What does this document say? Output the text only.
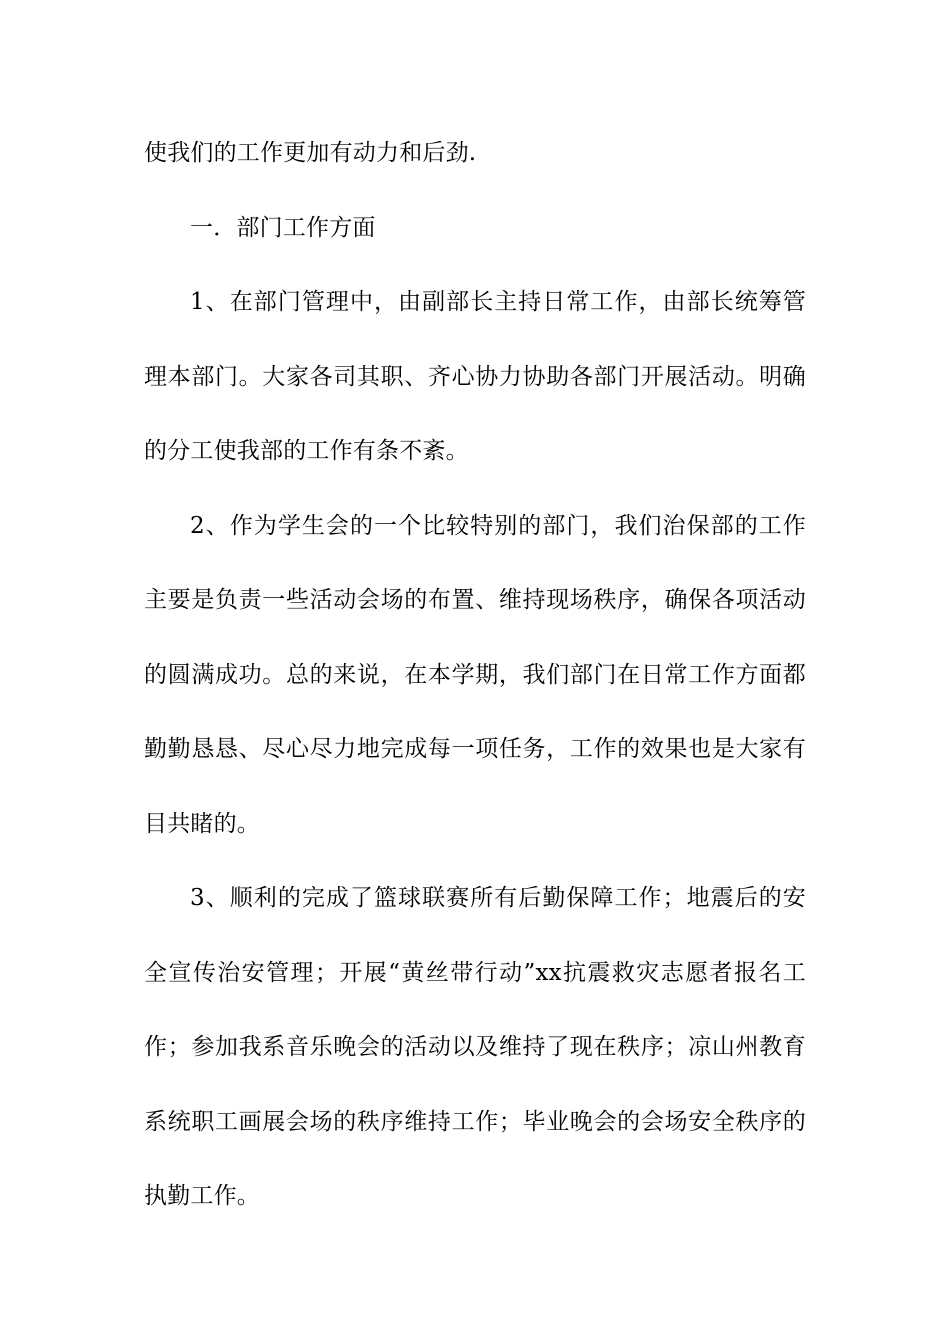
使我们的工作更加有动力和后劲.

一．部门工作方面

1、在部门管理中，由副部长主持日常工作，由部长统筹管理本部门。大家各司其职、齐心协力协助各部门开展活动。明确的分工使我部的工作有条不紊。

2、作为学生会的一个比较特别的部门，我们治保部的工作主要是负责一些活动会场的布置、维持现场秩序，确保各项活动的圆满成功。总的来说，在本学期，我们部门在日常工作方面都勤勤恳恳、尽心尽力地完成每一项任务，工作的效果也是大家有目共睹的。

3、顺利的完成了篮球联赛所有后勤保障工作；地震后的安全宣传治安管理；开展“黄丝带行动”xx抗震救灾志愿者报名工作；参加我系音乐晚会的活动以及维持了现在秩序；凉山州教育系统职工画展会场的秩序维持工作；毕业晚会的会场安全秩序的执勤工作。
